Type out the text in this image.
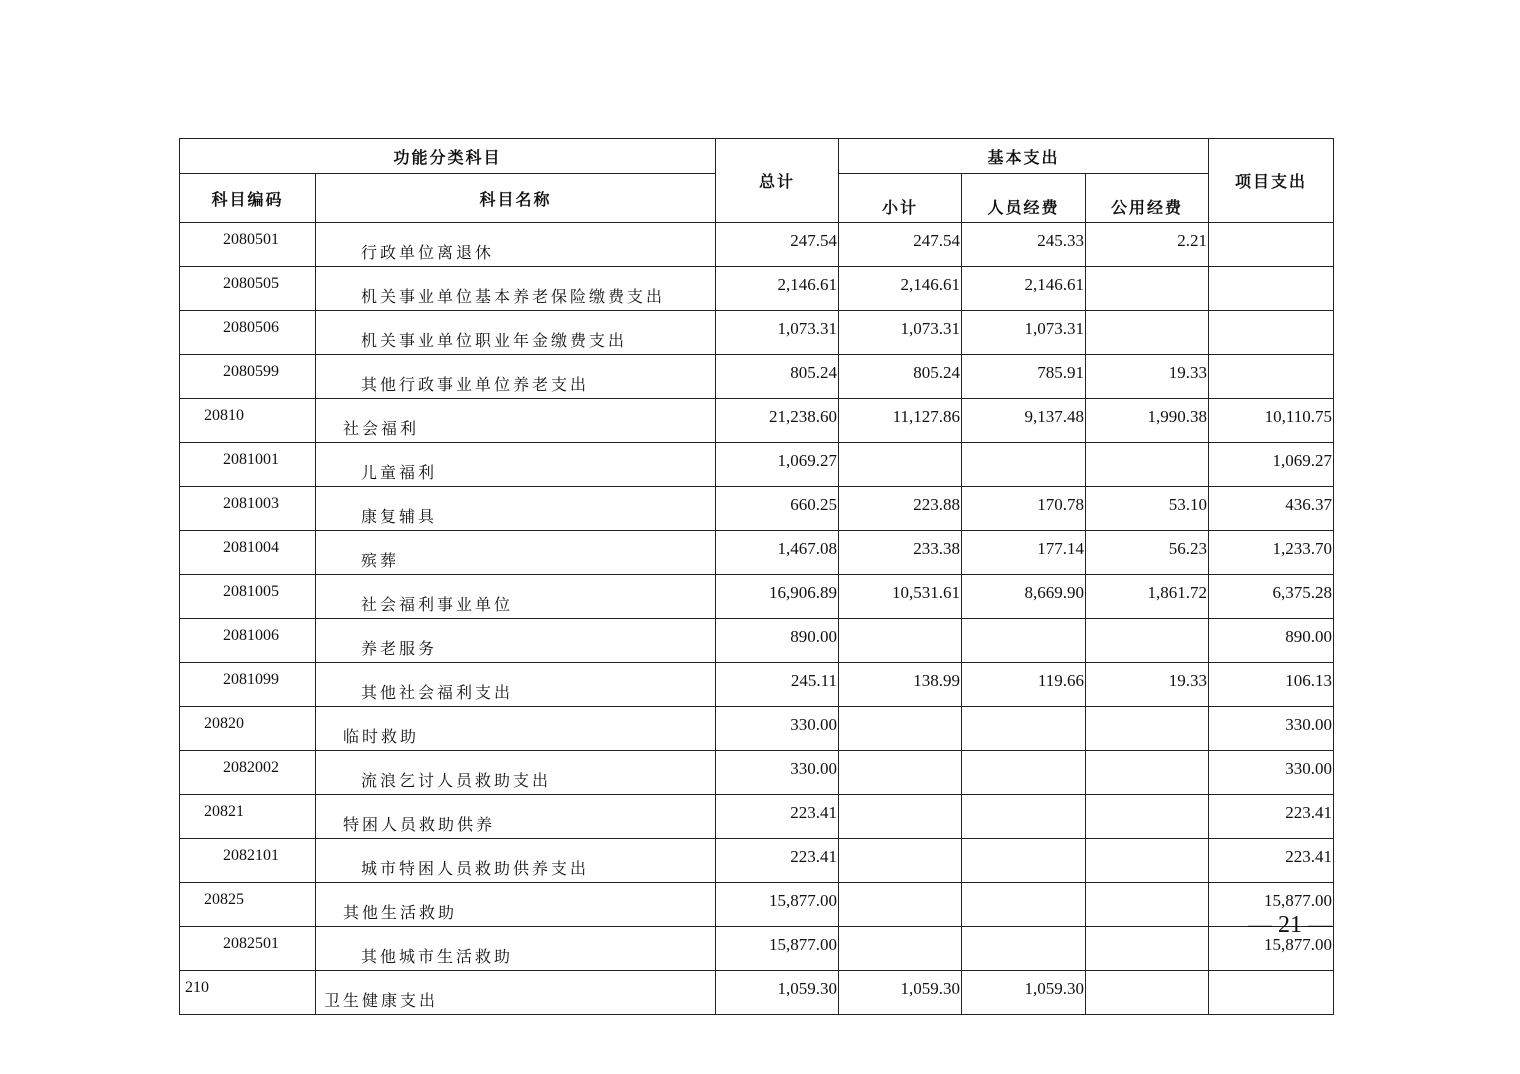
功能分类科目		总计	基本支出			项目支出
科目编码	科目名称					
			小计	人员经费	公用经费	
2080501	行政单位离退休	247.54	247.54	245.33	2.21	
2080505	机关事业单位基本养老保险缴费支出	2,146.61	2,146.61	2,146.61		
2080506	机关事业单位职业年金缴费支出	1,073.31	1,073.31	1,073.31		
2080599	其他行政事业单位养老支出	805.24	805.24	785.91	19.33	
20810	社会福利	21,238.60	11,127.86	9,137.48	1,990.38	10,110.75
2081001	儿童福利	1,069.27				1,069.27
2081003	康复辅具	660.25	223.88	170.78	53.10	436.37
2081004	殡葬	1,467.08	233.38	177.14	56.23	1,233.70
2081005	社会福利事业单位	16,906.89	10,531.61	8,669.90	1,861.72	6,375.28
2081006	养老服务	890.00				890.00
2081099	其他社会福利支出	245.11	138.99	119.66	19.33	106.13
20820	临时救助	330.00				330.00
2082002	流浪乞讨人员救助支出	330.00				330.00
20821	特困人员救助供养	223.41				223.41
2082101	城市特困人员救助供养支出	223.41				223.41
20825	其他生活救助	15,877.00				15,877.00
2082501	其他城市生活救助	15,877.00				15,877.00
210	卫生健康支出	1,059.30	1,059.30	1,059.30		
— 21 —
